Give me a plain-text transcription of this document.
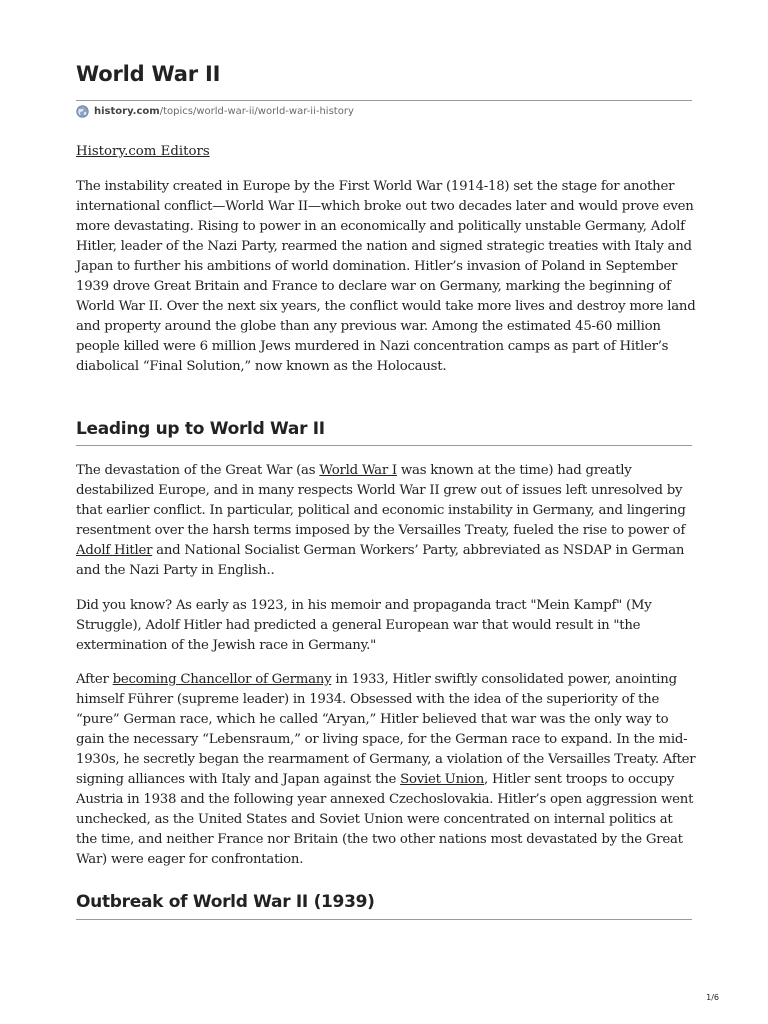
World War II
history.com /topics/world-war-ii/world-war-ii-history
History.com Editors

The instability created in Europe by the First World War (1914-18) set the stage for another international conflict—World War II—which broke out two decades later and would prove even more devastating. Rising to power in an economically and politically unstable Germany, Adolf Hitler, leader of the Nazi Party, rearmed the nation and signed strategic treaties with Italy and Japan to further his ambitions of world domination. Hitler’s invasion of Poland in September 1939 drove Great Britain and France to declare war on Germany, marking the beginning of World War II. Over the next six years, the conflict would take more lives and destroy more land and property around the globe than any previous war. Among the estimated 45-60 million people killed were 6 million Jews murdered in Nazi concentration camps as part of Hitler’s diabolical “Final Solution,” now known as the Holocaust.

Leading up to World War II

The devastation of the Great War (as World War I was known at the time) had greatly destabilized Europe, and in many respects World War II grew out of issues left unresolved by that earlier conflict. In particular, political and economic instability in Germany, and lingering resentment over the harsh terms imposed by the Versailles Treaty, fueled the rise to power of Adolf Hitler and National Socialist German Workers’ Party, abbreviated as NSDAP in German and the Nazi Party in English..

Did you know? As early as 1923, in his memoir and propaganda tract "Mein Kampf" (My Struggle), Adolf Hitler had predicted a general European war that would result in "the extermination of the Jewish race in Germany."

After becoming Chancellor of Germany in 1933, Hitler swiftly consolidated power, anointing himself Führer (supreme leader) in 1934. Obsessed with the idea of the superiority of the “pure” German race, which he called “Aryan,” Hitler believed that war was the only way to gain the necessary “Lebensraum,” or living space, for the German race to expand. In the mid-1930s, he secretly began the rearmament of Germany, a violation of the Versailles Treaty. After signing alliances with Italy and Japan against the Soviet Union, Hitler sent troops to occupy Austria in 1938 and the following year annexed Czechoslovakia. Hitler’s open aggression went unchecked, as the United States and Soviet Union were concentrated on internal politics at the time, and neither France nor Britain (the two other nations most devastated by the Great War) were eager for confrontation.

Outbreak of World War II (1939)
1/6
